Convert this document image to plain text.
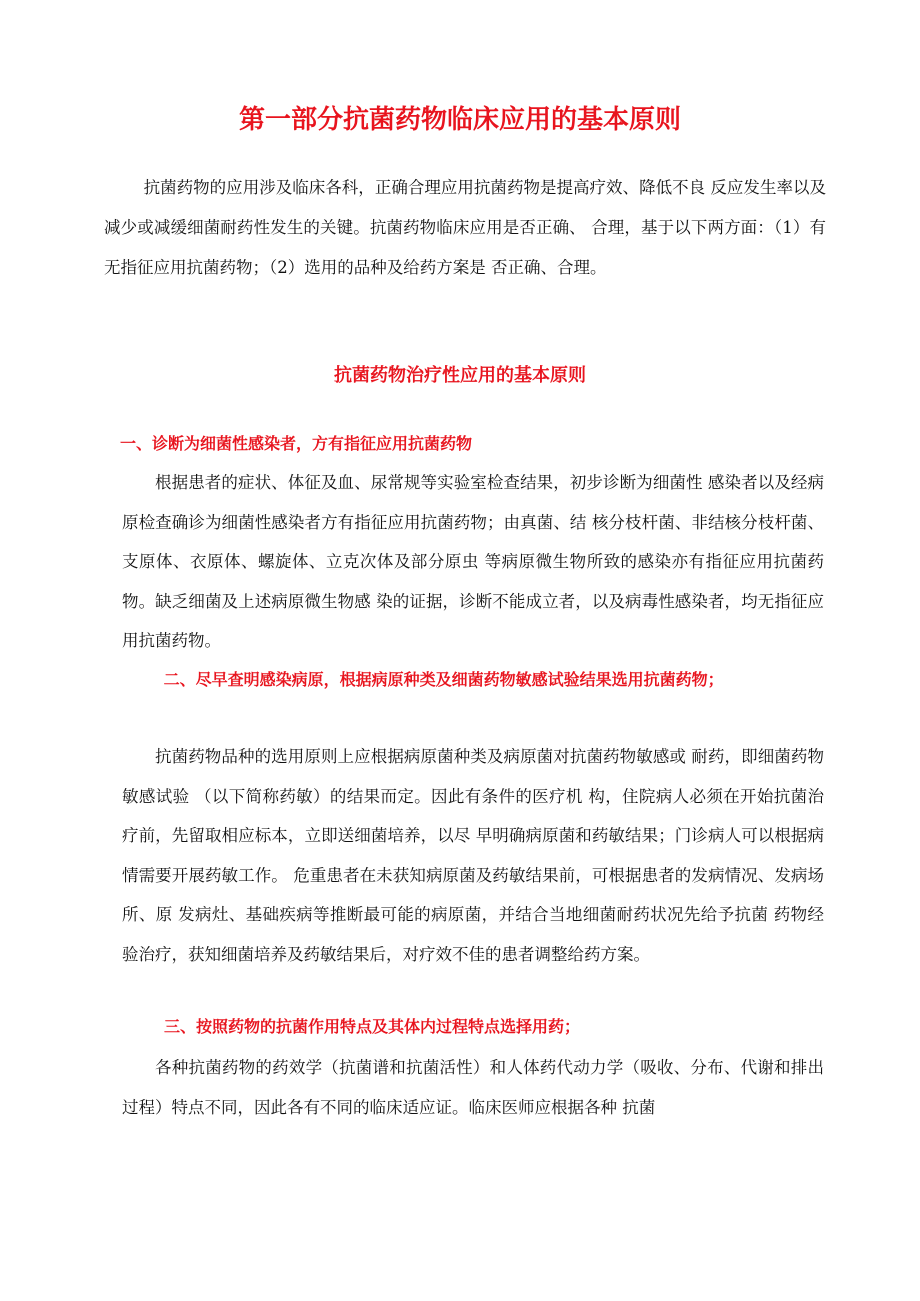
第一部分抗菌药物临床应用的基本原则

抗菌药物的应用涉及临床各科，正确合理应用抗菌药物是提高疗效、降低不良 反应发生率以及减少或减缓细菌耐药性发生的关键。抗菌药物临床应用是否正确、 合理，基于以下两方面：（1）有无指征应用抗菌药物；（2）选用的品种及给药方案是 否正确、合理。

抗菌药物治疗性应用的基本原则
一、诊断为细菌性感染者，方有指征应用抗菌药物

根据患者的症状、体征及血、尿常规等实验室检查结果，初步诊断为细菌性 感染者以及经病原检查确诊为细菌性感染者方有指征应用抗菌药物；由真菌、结 核分枝杆菌、非结核分枝杆菌、支原体、衣原体、螺旋体、立克次体及部分原虫 等病原微生物所致的感染亦有指征应用抗菌药物。缺乏细菌及上述病原微生物感 染的证据，诊断不能成立者，以及病毒性感染者，均无指征应用抗菌药物。

二、尽早查明感染病原，根据病原种类及细菌药物敏感试验结果选用抗菌药物；

抗菌药物品种的选用原则上应根据病原菌种类及病原菌对抗菌药物敏感或 耐药，即细菌药物敏感试验 （以下简称药敏）的结果而定。因此有条件的医疗机 构，住院病人必须在开始抗菌治疗前，先留取相应标本，立即送细菌培养，以尽 早明确病原菌和药敏结果；门诊病人可以根据病情需要开展药敏工作。 危重患者在未获知病原菌及药敏结果前，可根据患者的发病情况、发病场所、原 发病灶、基础疾病等推断最可能的病原菌，并结合当地细菌耐药状况先给予抗菌 药物经验治疗，获知细菌培养及药敏结果后，对疗效不佳的患者调整给药方案。

三、按照药物的抗菌作用特点及其体内过程特点选择用药；

各种抗菌药物的药效学（抗菌谱和抗菌活性）和人体药代动力学（吸收、分布、代谢和排出过程）特点不同，因此各有不同的临床适应证。临床医师应根据各种 抗菌
